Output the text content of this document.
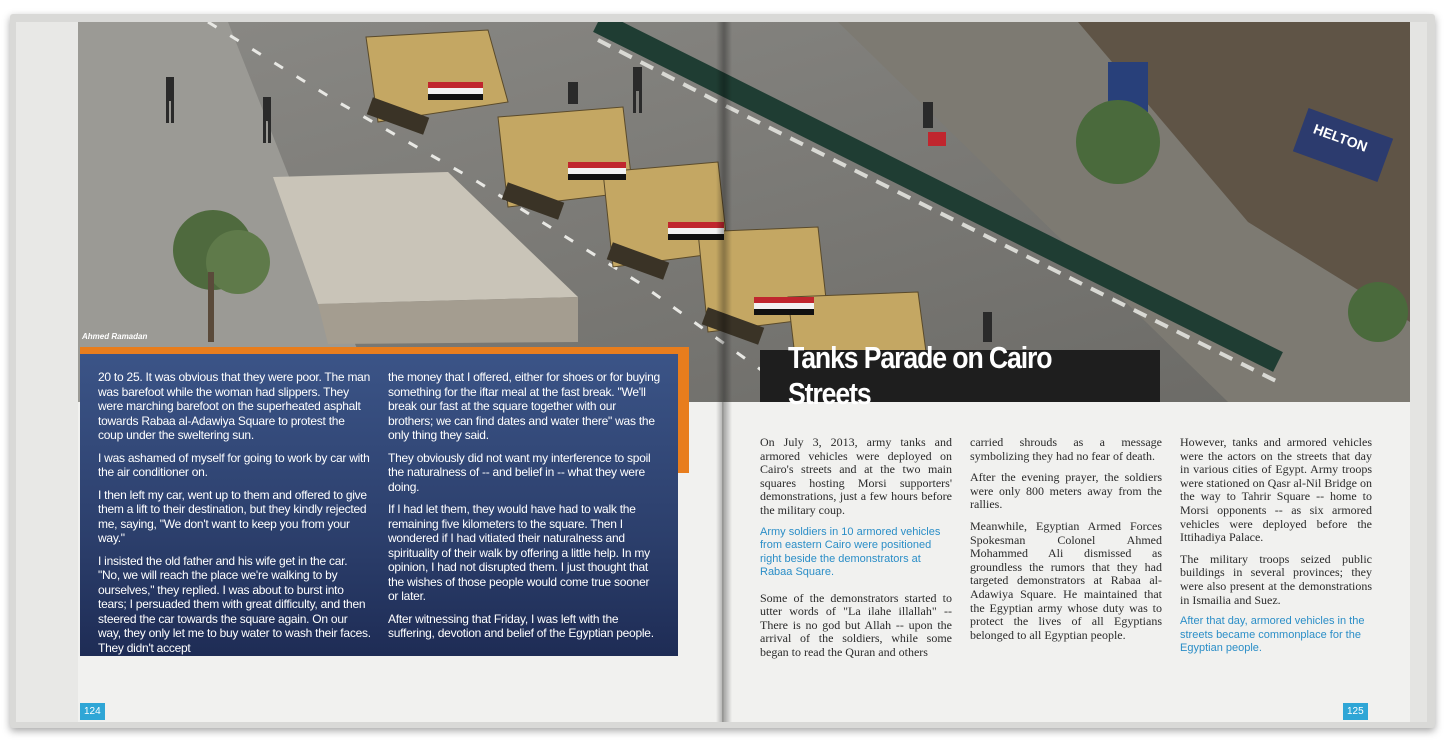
HELTON
Ahmed Ramadan

20 to 25. It was obvious that they were poor. The man was barefoot while the woman had slippers. They were marching barefoot on the superheated asphalt towards Rabaa al-Adawiya Square to protest the coup under the sweltering sun.

I was ashamed of myself for going to work by car with the air conditioner on.

I then left my car, went up to them and offered to give them a lift to their destination, but they kindly rejected me, saying, "We don't want to keep you from your way."

I insisted the old father and his wife get in the car. "No, we will reach the place we're walking to by ourselves," they replied. I was about to burst into tears; I persuaded them with great difficulty, and then steered the car towards the square again. On our way, they only let me to buy water to wash their faces. They didn't accept

the money that I offered, either for shoes or for buying something for the iftar meal at the fast break. "We'll break our fast at the square together with our brothers; we can find dates and water there" was the only thing they said.

They obviously did not want my interference to spoil the naturalness of -- and belief in -- what they were doing.

If I had let them, they would have had to walk the remaining five kilometers to the square. Then I wondered if I had vitiated their naturalness and spirituality of their walk by offering a little help. In my opinion, I had not disrupted them. I just thought that the wishes of those people would come true sooner or later.

After witnessing that Friday, I was left with the suffering, devotion and belief of the Egyptian people.

Tanks Parade on Cairo Streets

On July 3, 2013, army tanks and armored vehicles were deployed on Cairo's streets and at the two main squares hosting Morsi supporters' demonstrations, just a few hours before the military coup.

Army soldiers in 10 armored vehicles from eastern Cairo were positioned right beside the demonstrators at Rabaa Square.

Some of the demonstrators started to utter words of "La ilahe illallah" -- There is no god but Allah -- upon the arrival of the soldiers, while some began to read the Quran and others

carried shrouds as a message symbolizing they had no fear of death.

After the evening prayer, the soldiers were only 800 meters away from the rallies.

Meanwhile, Egyptian Armed Forces Spokesman Colonel Ahmed Mohammed Ali dismissed as groundless the rumors that they had targeted demonstrators at Rabaa al-Adawiya Square. He maintained that the Egyptian army whose duty was to protect the lives of all Egyptians belonged to all Egyptian people.

However, tanks and armored vehicles were the actors on the streets that day in various cities of Egypt. Army troops were stationed on Qasr al-Nil Bridge on the way to Tahrir Square -- home to Morsi opponents -- as six armored vehicles were deployed before the Ittihadiya Palace.

The military troops seized public buildings in several provinces; they were also present at the demonstrations in Ismailia and Suez.

After that day, armored vehicles in the streets became commonplace for the Egyptian people.

124	125
